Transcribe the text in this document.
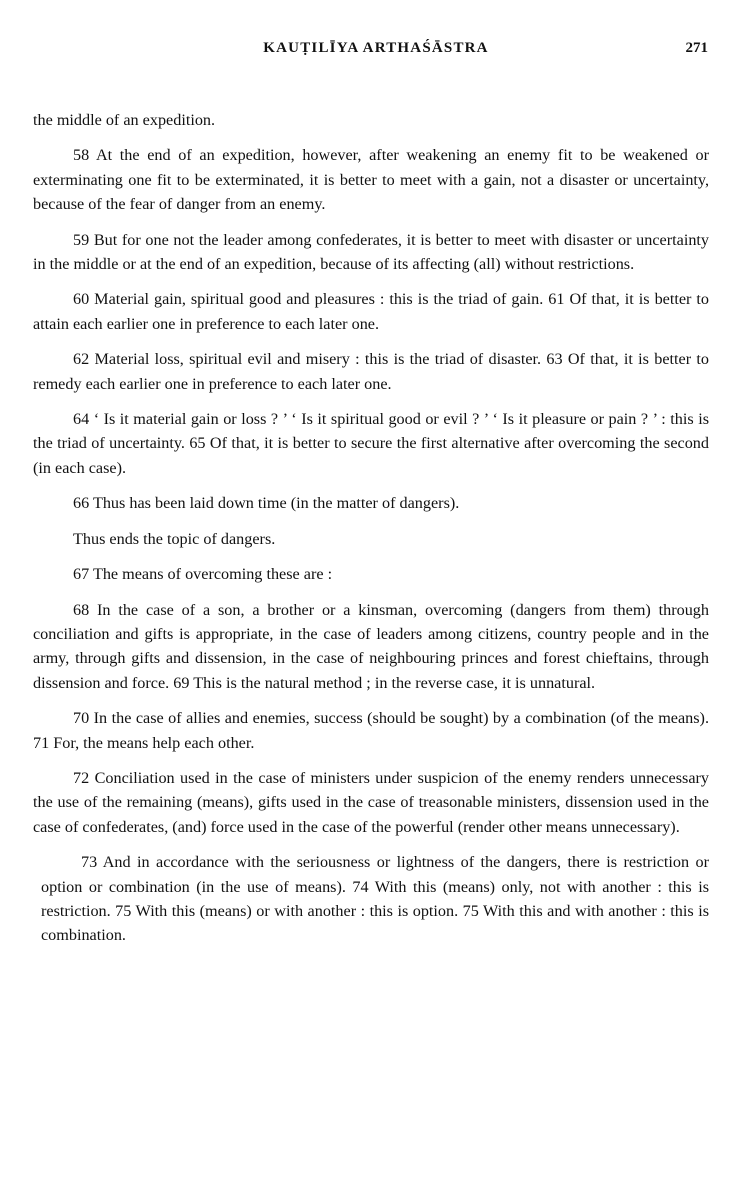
KAUṬILĪYA ARTHAŚĀSTRA	271

the middle of an expedition.

58 At the end of an expedition, however, after weakening an enemy fit to be weakened or exterminating one fit to be exterminated, it is better to meet with a gain, not a disaster or uncertainty, because of the fear of danger from an enemy.

59 But for one not the leader among confederates, it is better to meet with disaster or uncertainty in the middle or at the end of an expedition, because of its affecting (all) without restrictions.

60 Material gain, spiritual good and pleasures : this is the triad of gain. 61 Of that, it is better to attain each earlier one in preference to each later one.

62 Material loss, spiritual evil and misery : this is the triad of disaster. 63 Of that, it is better to remedy each earlier one in preference to each later one.

64 ‘ Is it material gain or loss ? ’ ‘ Is it spiritual good or evil ? ’ ‘ Is it pleasure or pain ? ’ : this is the triad of uncertainty. 65 Of that, it is better to secure the first alternative after overcoming the second (in each case).

66 Thus has been laid down time (in the matter of dangers).

Thus ends the topic of dangers.

67 The means of overcoming these are :

68 In the case of a son, a brother or a kinsman, overcoming (dangers from them) through conciliation and gifts is appropriate, in the case of leaders among citizens, country people and in the army, through gifts and dissension, in the case of neighbouring princes and forest chieftains, through dissension and force. 69 This is the natural method ; in the reverse case, it is unnatural.

70 In the case of allies and enemies, success (should be sought) by a combination (of the means). 71 For, the means help each other.

72 Conciliation used in the case of ministers under suspicion of the enemy renders unnecessary the use of the remaining (means), gifts used in the case of treasonable ministers, dissension used in the case of confederates, (and) force used in the case of the powerful (render other means unnecessary).

73 And in accordance with the seriousness or lightness of the dangers, there is restriction or option or combination (in the use of means). 74 With this (means) only, not with another : this is restriction. 75 With this (means) or with another : this is option. 75 With this and with another : this is combination.
